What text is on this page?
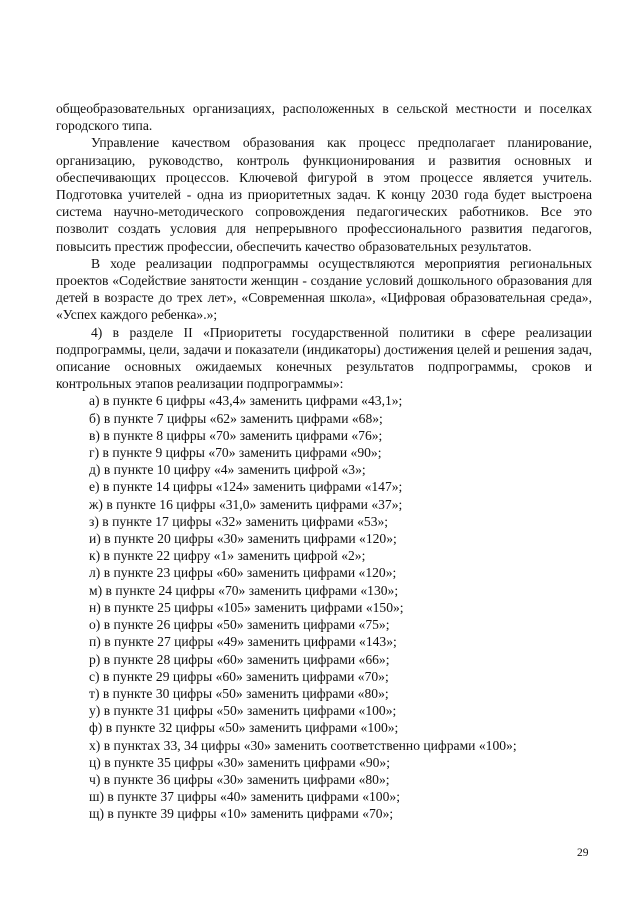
общеобразовательных организациях, расположенных в сельской местности и поселках городского типа.

Управление качеством образования как процесс предполагает планирование, организацию, руководство, контроль функционирования и развития основных и обеспечивающих процессов. Ключевой фигурой в этом процессе является учитель. Подготовка учителей - одна из приоритетных задач. К концу 2030 года будет выстроена система научно-методического сопровождения педагогических работников. Все это позволит создать условия для непрерывного профессионального развития педагогов, повысить престиж профессии, обеспечить качество образовательных результатов.

В ходе реализации подпрограммы осуществляются мероприятия региональных проектов «Содействие занятости женщин - создание условий дошкольного образования для детей в возрасте до трех лет», «Современная школа», «Цифровая образовательная среда», «Успех каждого ребенка».»;

4) в разделе II «Приоритеты государственной политики в сфере реализации подпрограммы, цели, задачи и показатели (индикаторы) достижения целей и решения задач, описание основных ожидаемых конечных результатов подпрограммы, сроков и контрольных этапов реализации подпрограммы»:

а) в пункте 6 цифры «43,4» заменить цифрами «43,1»;
б) в пункте 7 цифры «62» заменить цифрами «68»;
в) в пункте 8 цифры «70» заменить цифрами «76»;
г) в пункте 9 цифры «70» заменить цифрами «90»;
д) в пункте 10 цифру «4» заменить цифрой «3»;
е) в пункте 14 цифры «124» заменить цифрами «147»;
ж) в пункте 16 цифры «31,0» заменить цифрами «37»;
з) в пункте 17 цифры «32» заменить цифрами «53»;
и) в пункте 20 цифры «30» заменить цифрами «120»;
к) в пункте 22 цифру «1» заменить цифрой «2»;
л) в пункте 23 цифры «60» заменить цифрами «120»;
м) в пункте 24 цифры «70» заменить цифрами «130»;
н) в пункте 25 цифры «105» заменить цифрами «150»;
о) в пункте 26 цифры «50» заменить цифрами «75»;
п) в пункте 27 цифры «49» заменить цифрами «143»;
р) в пункте 28 цифры «60» заменить цифрами «66»;
с) в пункте 29 цифры «60» заменить цифрами «70»;
т) в пункте 30 цифры «50» заменить цифрами «80»;
у) в пункте 31 цифры «50» заменить цифрами «100»;
ф) в пункте 32 цифры «50» заменить цифрами «100»;
х) в пунктах 33, 34 цифры «30» заменить соответственно цифрами «100»;
ц) в пункте 35 цифры «30» заменить цифрами «90»;
ч) в пункте 36 цифры «30» заменить цифрами «80»;
ш) в пункте 37 цифры «40» заменить цифрами «100»;
щ) в пункте 39 цифры «10» заменить цифрами «70»;
29
